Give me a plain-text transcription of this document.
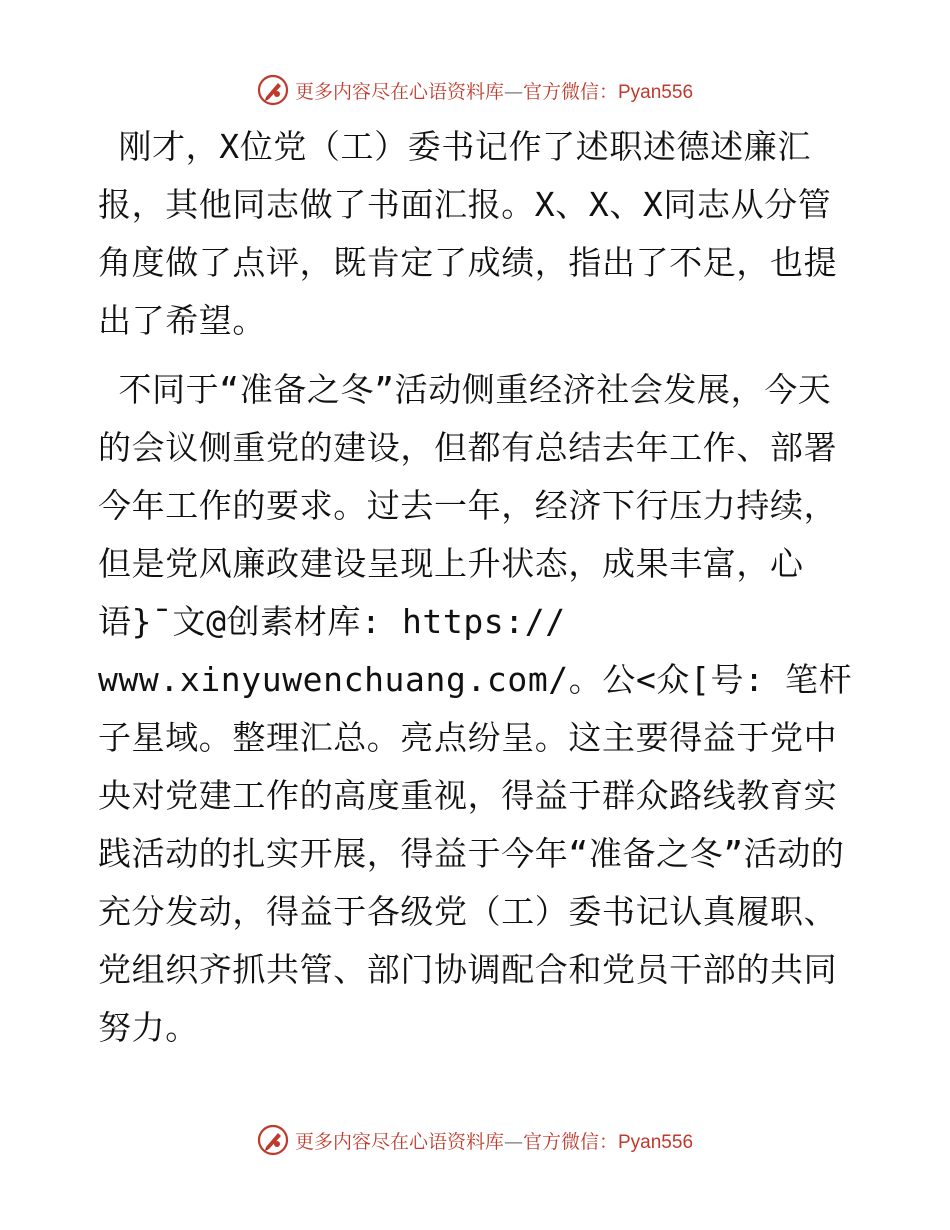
更多内容尽在心语资料库—官方微信：Pyan556

刚才，X位党（工）委书记作了述职述德述廉汇报，其他同志做了书面汇报。X、X、X同志从分管角度做了点评，既肯定了成绩，指出了不足，也提出了希望。

不同于“准备之冬”活动侧重经济社会发展，今天的会议侧重党的建设，但都有总结去年工作、部署今年工作的要求。过去一年，经济下行压力持续，但是党风廉政建设呈现上升状态，成果丰富，心语}¯文@创素材库: https://
www.xinyuwenchuang.com/。公<众[号: 笔杆子星域。整理汇总。亮点纷呈。这主要得益于党中央对党建工作的高度重视，得益于群众路线教育实践活动的扎实开展，得益于今年“准备之冬”活动的充分发动，得益于各级党（工）委书记认真履职、党组织齐抓共管、部门协调配合和党员干部的共同努力。

更多内容尽在心语资料库—官方微信：Pyan556
